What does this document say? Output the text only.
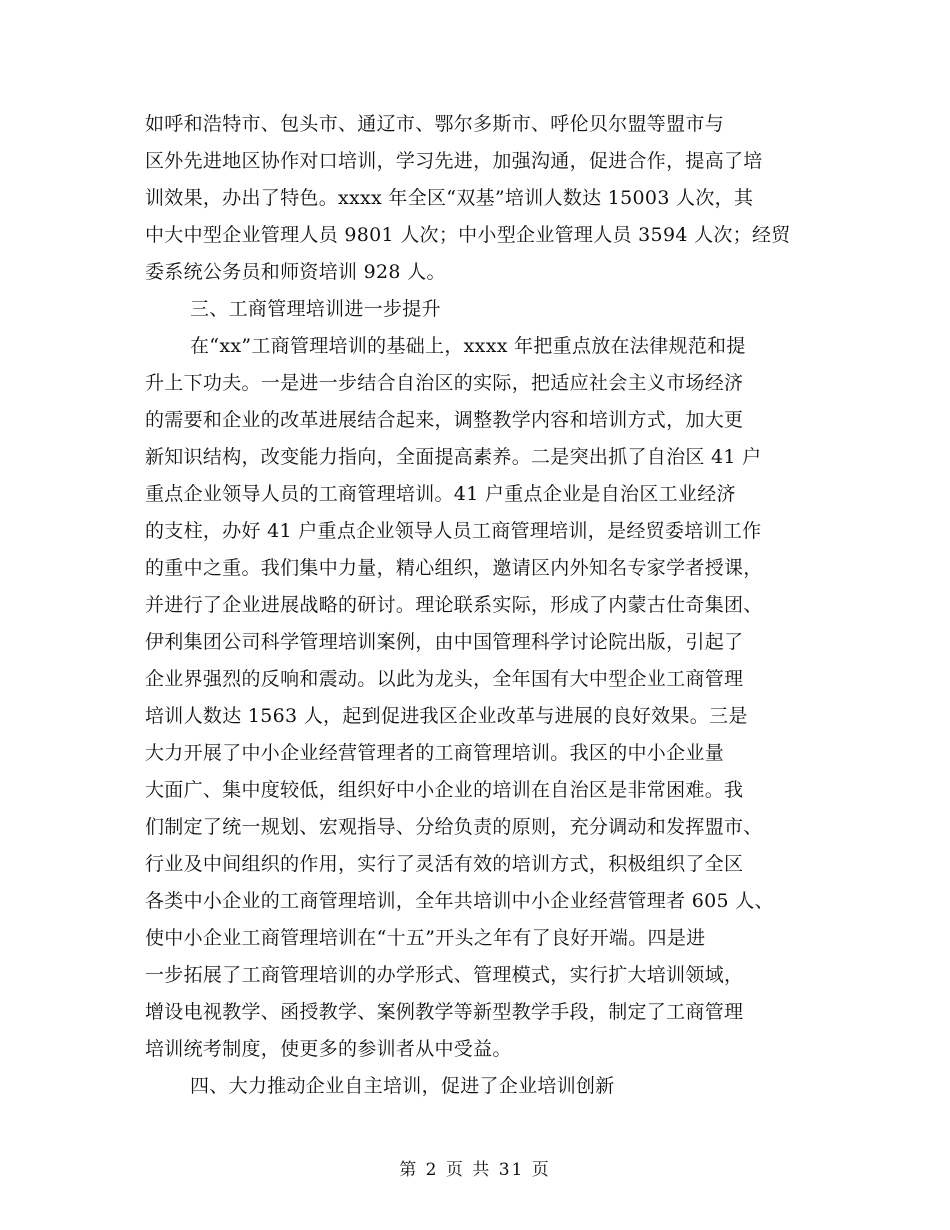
如呼和浩特市、包头市、通辽市、鄂尔多斯市、呼伦贝尔盟等盟市与
区外先进地区协作对口培训，学习先进，加强沟通，促进合作，提高了培
训效果，办出了特色。xxxx 年全区“双基”培训人数达 15003 人次，其
中大中型企业管理人员 9801 人次；中小型企业管理人员 3594 人次；经贸
委系统公务员和师资培训 928 人。
三、工商管理培训进一步提升
在“xx”工商管理培训的基础上，xxxx 年把重点放在法律规范和提
升上下功夫。一是进一步结合自治区的实际，把适应社会主义市场经济
的需要和企业的改革进展结合起来，调整教学内容和培训方式，加大更
新知识结构，改变能力指向，全面提高素养。二是突出抓了自治区 41 户
重点企业领导人员的工商管理培训。41 户重点企业是自治区工业经济
的支柱，办好 41 户重点企业领导人员工商管理培训，是经贸委培训工作
的重中之重。我们集中力量，精心组织，邀请区内外知名专家学者授课，
并进行了企业进展战略的研讨。理论联系实际，形成了内蒙古仕奇集团、
伊利集团公司科学管理培训案例，由中国管理科学讨论院出版，引起了
企业界强烈的反响和震动。以此为龙头，全年国有大中型企业工商管理
培训人数达 1563 人，起到促进我区企业改革与进展的良好效果。三是
大力开展了中小企业经营管理者的工商管理培训。我区的中小企业量
大面广、集中度较低，组织好中小企业的培训在自治区是非常困难。我
们制定了统一规划、宏观指导、分给负责的原则，充分调动和发挥盟市、
行业及中间组织的作用，实行了灵活有效的培训方式，积极组织了全区
各类中小企业的工商管理培训，全年共培训中小企业经营管理者 605 人、
使中小企业工商管理培训在“十五”开头之年有了良好开端。四是进
一步拓展了工商管理培训的办学形式、管理模式，实行扩大培训领域，
增设电视教学、函授教学、案例教学等新型教学手段，制定了工商管理
培训统考制度，使更多的参训者从中受益。
四、大力推动企业自主培训，促进了企业培训创新
第 2 页 共 31 页
